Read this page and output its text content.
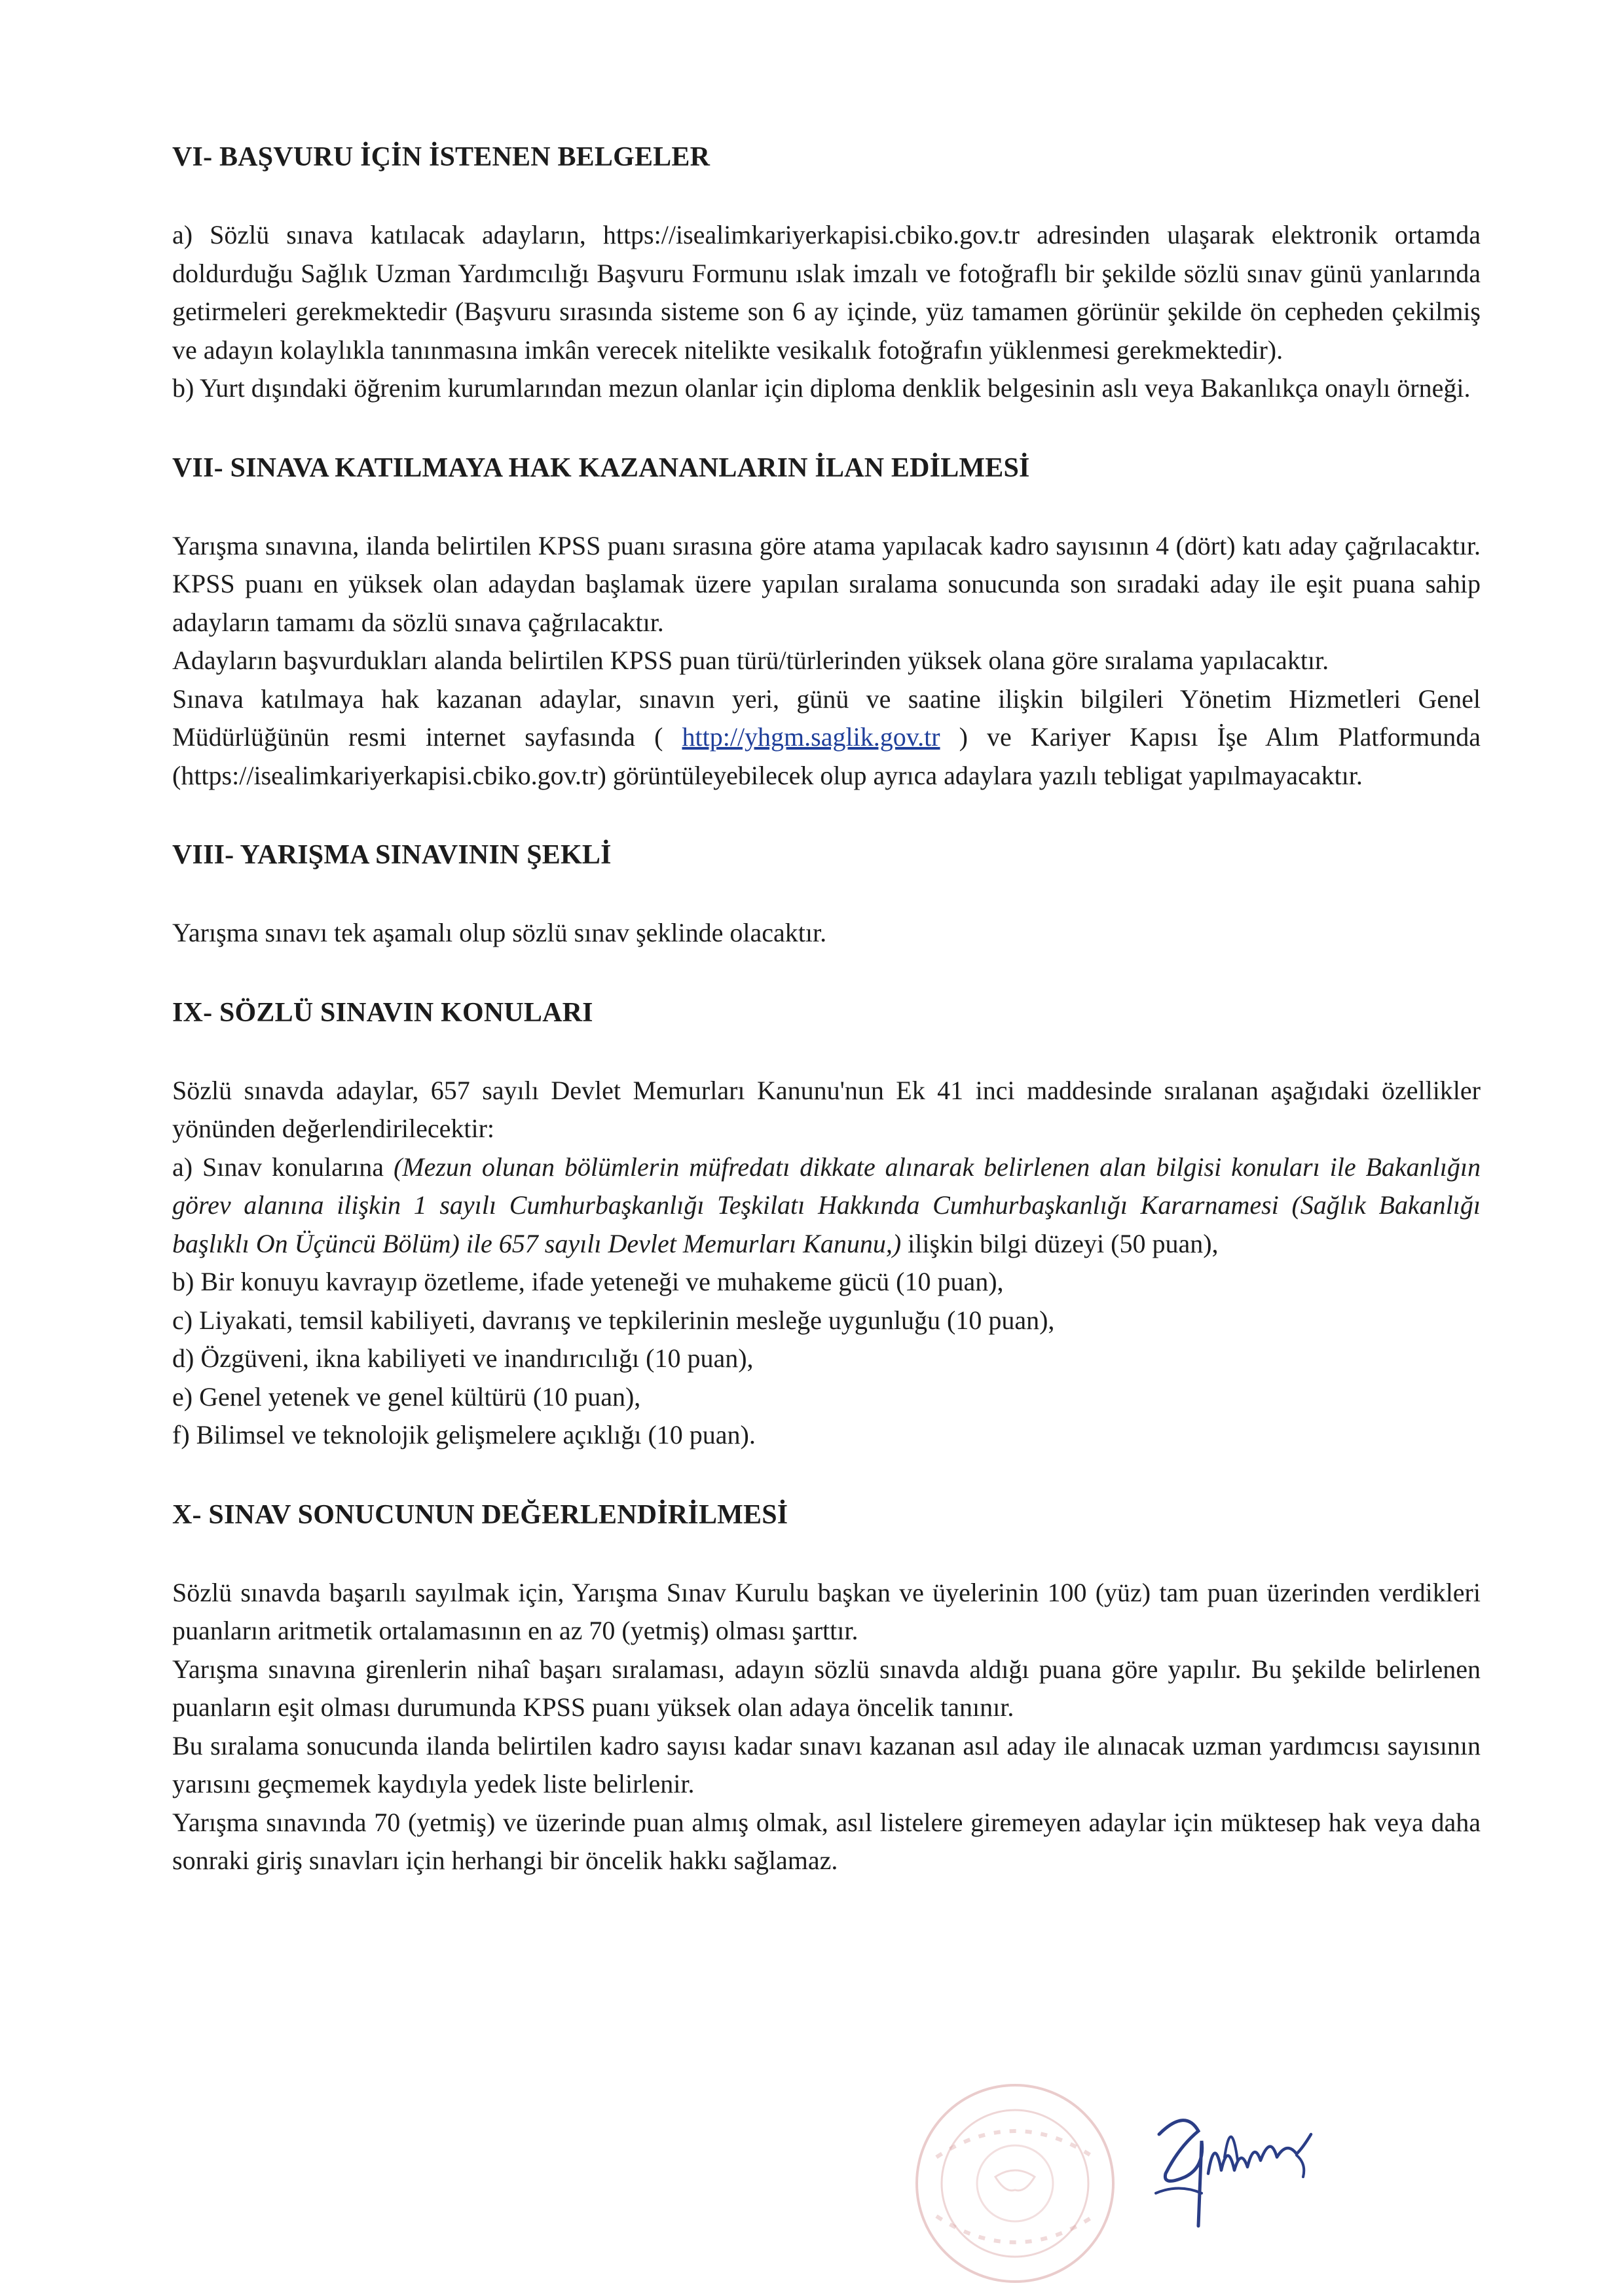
VI- BAŞVURU İÇİN İSTENEN BELGELER

a) Sözlü sınava katılacak adayların, https://isealimkariyerkapisi.cbiko.gov.tr adresinden ulaşarak elektronik ortamda doldurduğu Sağlık Uzman Yardımcılığı Başvuru Formunu ıslak imzalı ve fotoğraflı bir şekilde sözlü sınav günü yanlarında getirmeleri gerekmektedir (Başvuru sırasında sisteme son 6 ay içinde, yüz tamamen görünür şekilde ön cepheden çekilmiş ve adayın kolaylıkla tanınmasına imkân verecek nitelikte vesikalık fotoğrafın yüklenmesi gerekmektedir).

b) Yurt dışındaki öğrenim kurumlarından mezun olanlar için diploma denklik belgesinin aslı veya Bakanlıkça onaylı örneği.

VII- SINAVA KATILMAYA HAK KAZANANLARIN İLAN EDİLMESİ

Yarışma sınavına, ilanda belirtilen KPSS puanı sırasına göre atama yapılacak kadro sayısının 4 (dört) katı aday çağrılacaktır. KPSS puanı en yüksek olan adaydan başlamak üzere yapılan sıralama sonucunda son sıradaki aday ile eşit puana sahip adayların tamamı da sözlü sınava çağrılacaktır.

Adayların başvurdukları alanda belirtilen KPSS puan türü/türlerinden yüksek olana göre sıralama yapılacaktır.

Sınava katılmaya hak kazanan adaylar, sınavın yeri, günü ve saatine ilişkin bilgileri Yönetim Hizmetleri Genel Müdürlüğünün resmi internet sayfasında ( http://yhgm.saglik.gov.tr ) ve Kariyer Kapısı İşe Alım Platformunda (https://isealimkariyerkapisi.cbiko.gov.tr) görüntüleyebilecek olup ayrıca adaylara yazılı tebligat yapılmayacaktır.

VIII- YARIŞMA SINAVININ ŞEKLİ

Yarışma sınavı tek aşamalı olup sözlü sınav şeklinde olacaktır.

IX- SÖZLÜ SINAVIN KONULARI

Sözlü sınavda adaylar, 657 sayılı Devlet Memurları Kanunu'nun Ek 41 inci maddesinde sıralanan aşağıdaki özellikler yönünden değerlendirilecektir:

a) Sınav konularına (Mezun olunan bölümlerin müfredatı dikkate alınarak belirlenen alan bilgisi konuları ile Bakanlığın görev alanına ilişkin 1 sayılı Cumhurbaşkanlığı Teşkilatı Hakkında Cumhurbaşkanlığı Kararnamesi (Sağlık Bakanlığı başlıklı On Üçüncü Bölüm) ile 657 sayılı Devlet Memurları Kanunu,) ilişkin bilgi düzeyi (50 puan),

b) Bir konuyu kavrayıp özetleme, ifade yeteneği ve muhakeme gücü (10 puan),

c) Liyakati, temsil kabiliyeti, davranış ve tepkilerinin mesleğe uygunluğu (10 puan),

d) Özgüveni, ikna kabiliyeti ve inandırıcılığı (10 puan),

e) Genel yetenek ve genel kültürü (10 puan),

f) Bilimsel ve teknolojik gelişmelere açıklığı (10 puan).

X- SINAV SONUCUNUN DEĞERLENDİRİLMESİ

Sözlü sınavda başarılı sayılmak için, Yarışma Sınav Kurulu başkan ve üyelerinin 100 (yüz) tam puan üzerinden verdikleri puanların aritmetik ortalamasının en az 70 (yetmiş) olması şarttır.

Yarışma sınavına girenlerin nihaî başarı sıralaması, adayın sözlü sınavda aldığı puana göre yapılır. Bu şekilde belirlenen puanların eşit olması durumunda KPSS puanı yüksek olan adaya öncelik tanınır.

Bu sıralama sonucunda ilanda belirtilen kadro sayısı kadar sınavı kazanan asıl aday ile alınacak uzman yardımcısı sayısının yarısını geçmemek kaydıyla yedek liste belirlenir.

Yarışma sınavında 70 (yetmiş) ve üzerinde puan almış olmak, asıl listelere giremeyen adaylar için müktesep hak veya daha sonraki giriş sınavları için herhangi bir öncelik hakkı sağlamaz.
